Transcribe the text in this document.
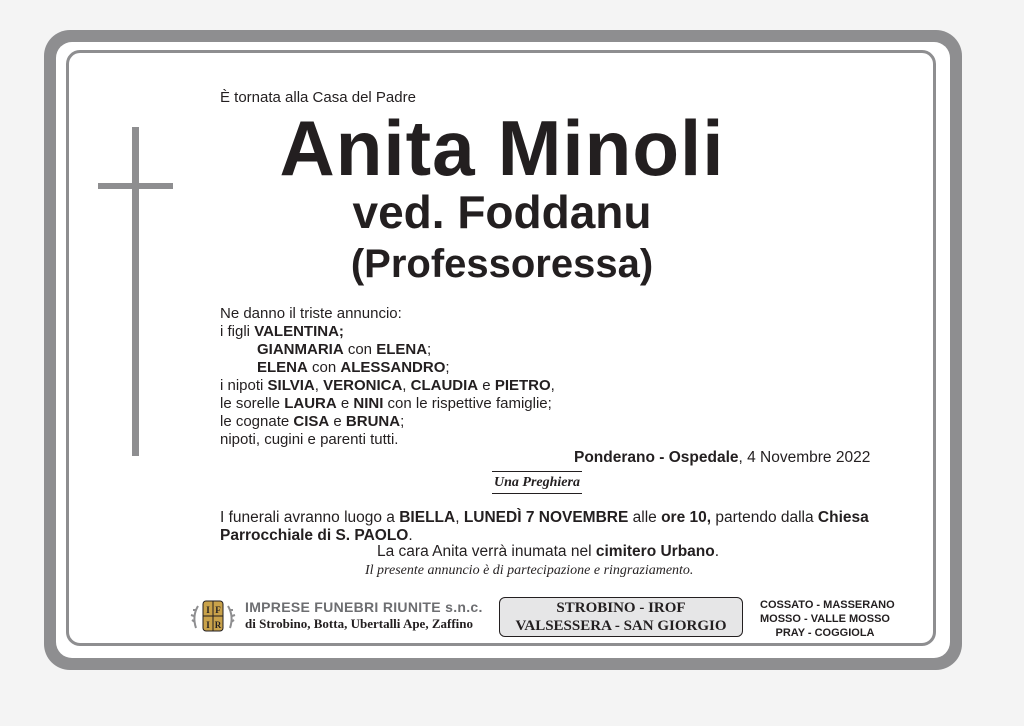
È tornata alla Casa del Padre
Anita Minoli
ved. Foddanu
(Professoressa)
Ne danno il triste annuncio:
i figli VALENTINA;
GIANMARIA con ELENA;
ELENA con ALESSANDRO;
i nipoti SILVIA, VERONICA, CLAUDIA e PIETRO,
le sorelle LAURA e NINI con le rispettive famiglie;
le cognate CISA e BRUNA;
nipoti, cugini e parenti tutti.
Ponderano - Ospedale, 4 Novembre 2022
Una Preghiera
I funerali avranno luogo a BIELLA, LUNEDÌ 7 NOVEMBRE alle ore 10, partendo dalla Chiesa
Parrocchiale di S. PAOLO.
La cara Anita verrà inumata nel cimitero Urbano.
Il presente annuncio è di partecipazione e ringraziamento.
I F
I R
IMPRESE FUNEBRI RIUNITE s.n.c.
di Strobino, Botta, Ubertalli Ape, Zaffino
STROBINO - IROF
VALSESSERA - SAN GIORGIO
COSSATO - MASSERANO
MOSSO - VALLE MOSSO
PRAY - COGGIOLA
